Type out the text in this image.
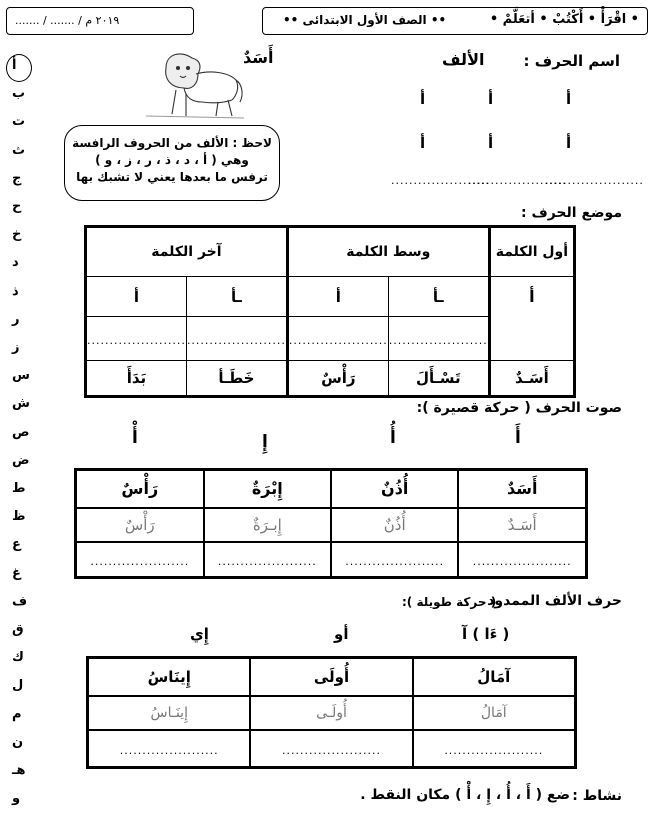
• اقْرَأْ • أَكْتُبْ • أتعَلَّمْ •
•• الصف الأول الابتدائى ••
....... / ....... / ٢٠١٩ م
أ
ب
ت
ث
ج
ح
خ
د
ذ
ر
ز
س
ش
ص
ض
ط
ظ
ع
غ
ف
ق
ك
ل
م
ن
هـ
و
اسم الحرف :
الألف
أَسَدٌ
أ
أ
أ
أ
أ
أ
......................
......................
......................
لاحظ : الألف من الحروف الرافسة
وهي ( أ ، د ، ذ ، ر ، ز ، و )
ترفس ما بعدها يعني لا تشبك بها
موضع الحرف :
أول الكلمة	وسط الكلمة		آخر الكلمة	
أ	ـأ	أ	ـأ	أ
	......................	......................	......................	......................
أَسَـدٌ	تَسْـأَلَ	رَأْسٌ	خَطَـأ	بَدَأَ
صوت الحرف ( حركة قصيرة ):
أَ
أُ
إِ
أْ
أَسَدٌ	أُذُنٌ	إِبْرَةٌ	رَأْسٌ
أَسَـدٌ	أُذُنٌ	إِبـرَةٌ	رَأْسٌ
......................	......................	......................	......................
حرف الألف الممدود
( حركة طويلة ):
( ءَا ) آ
أو
إِي
آمَالُ	أُولَى	إِينَاسُ
آمَالُ	أُولَـى	إِينَـاسُ
......................	......................	......................
نشاط :
ضع ( أَ ، أُ ، إِ ، أْ ) مكان النقط .
